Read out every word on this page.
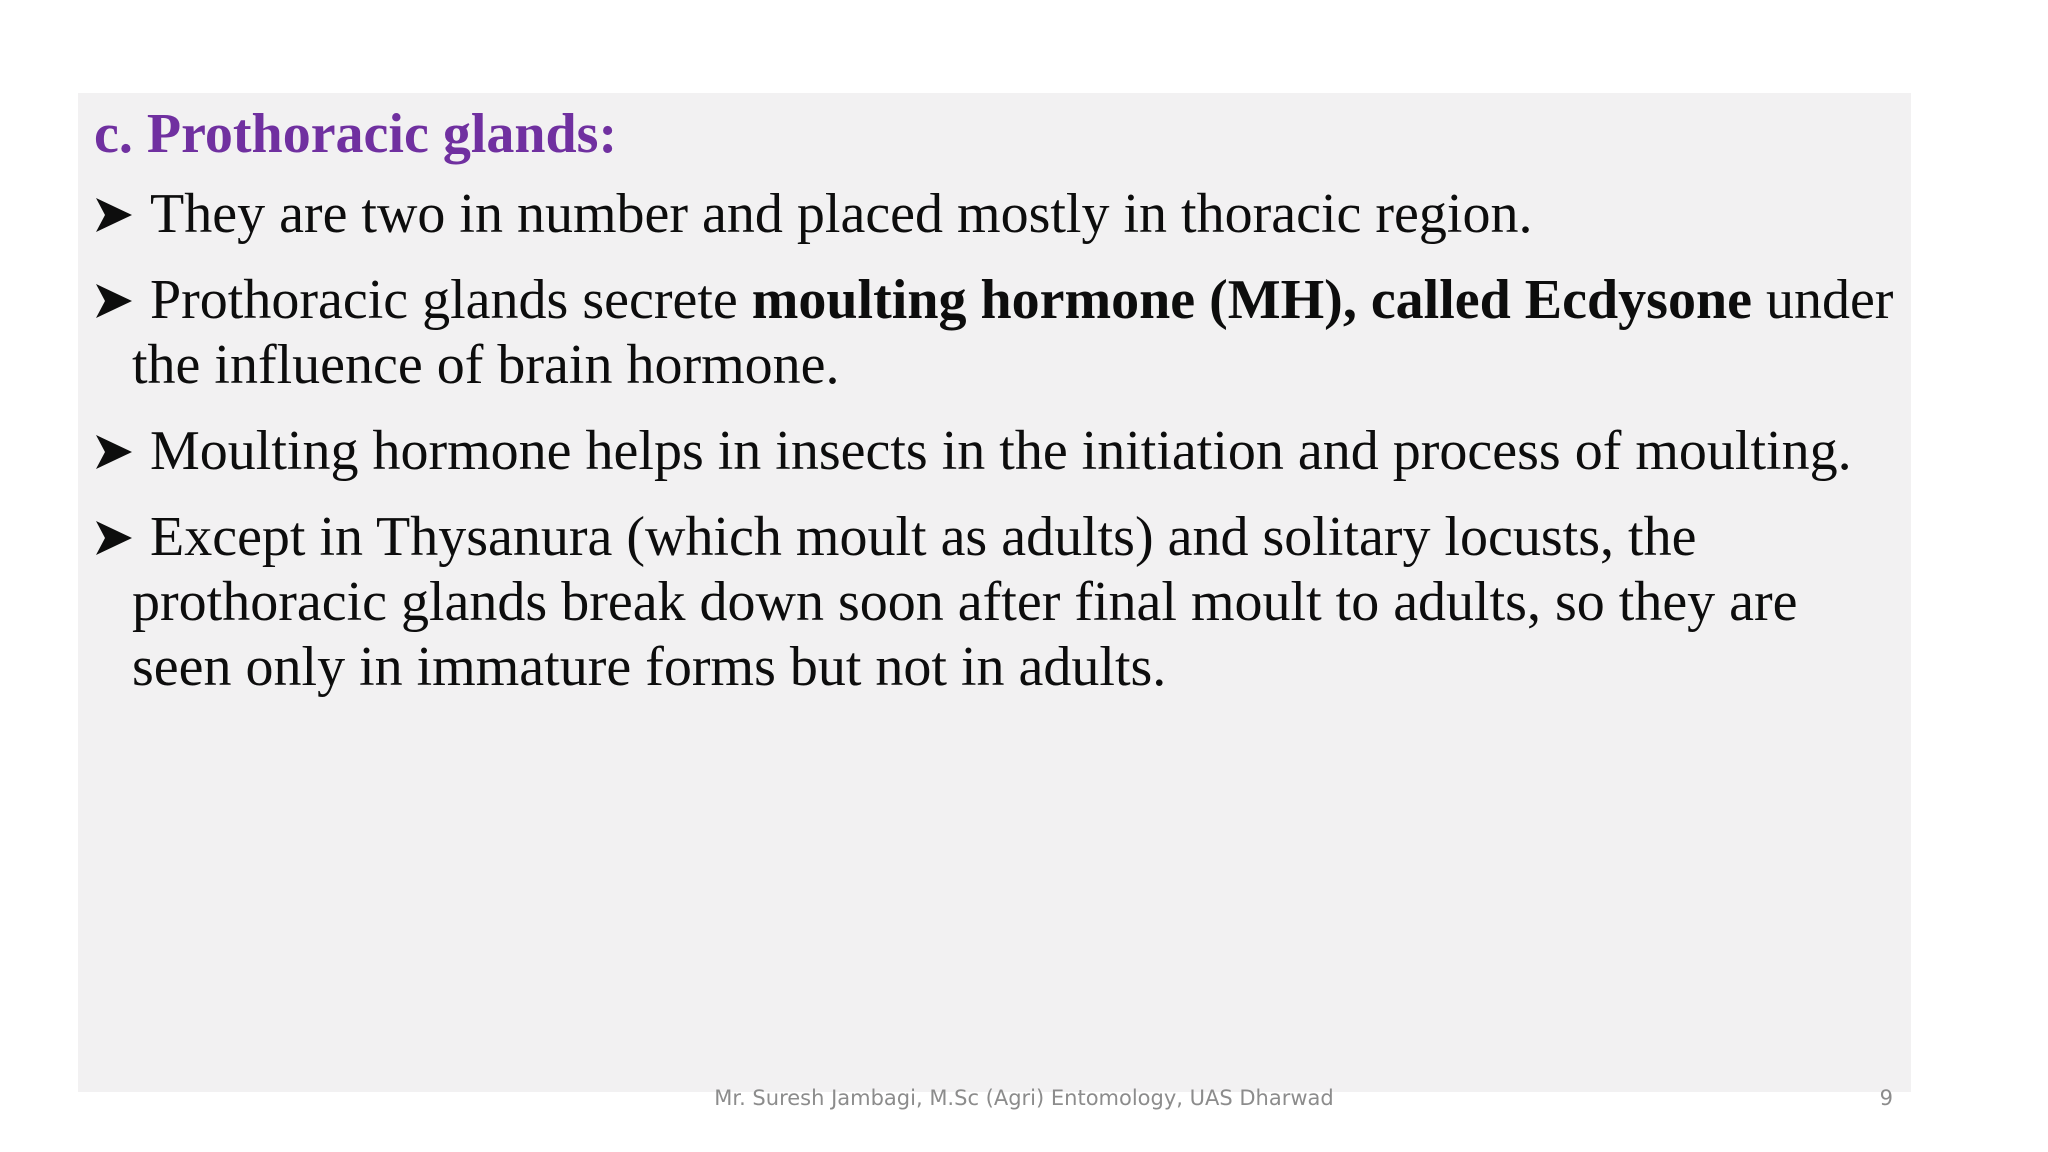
c. Prothoracic glands:
They are two in number and placed mostly in thoracic region.
Prothoracic glands secrete moulting hormone (MH), called Ecdysone under the influence of brain hormone.
Moulting hormone helps in insects in the initiation and process of moulting.
Except in Thysanura (which moult as adults) and solitary locusts, the prothoracic glands break down soon after final moult to adults, so they are seen only in immature forms but not in adults.
Mr. Suresh Jambagi, M.Sc (Agri) Entomology, UAS Dharwad	9
